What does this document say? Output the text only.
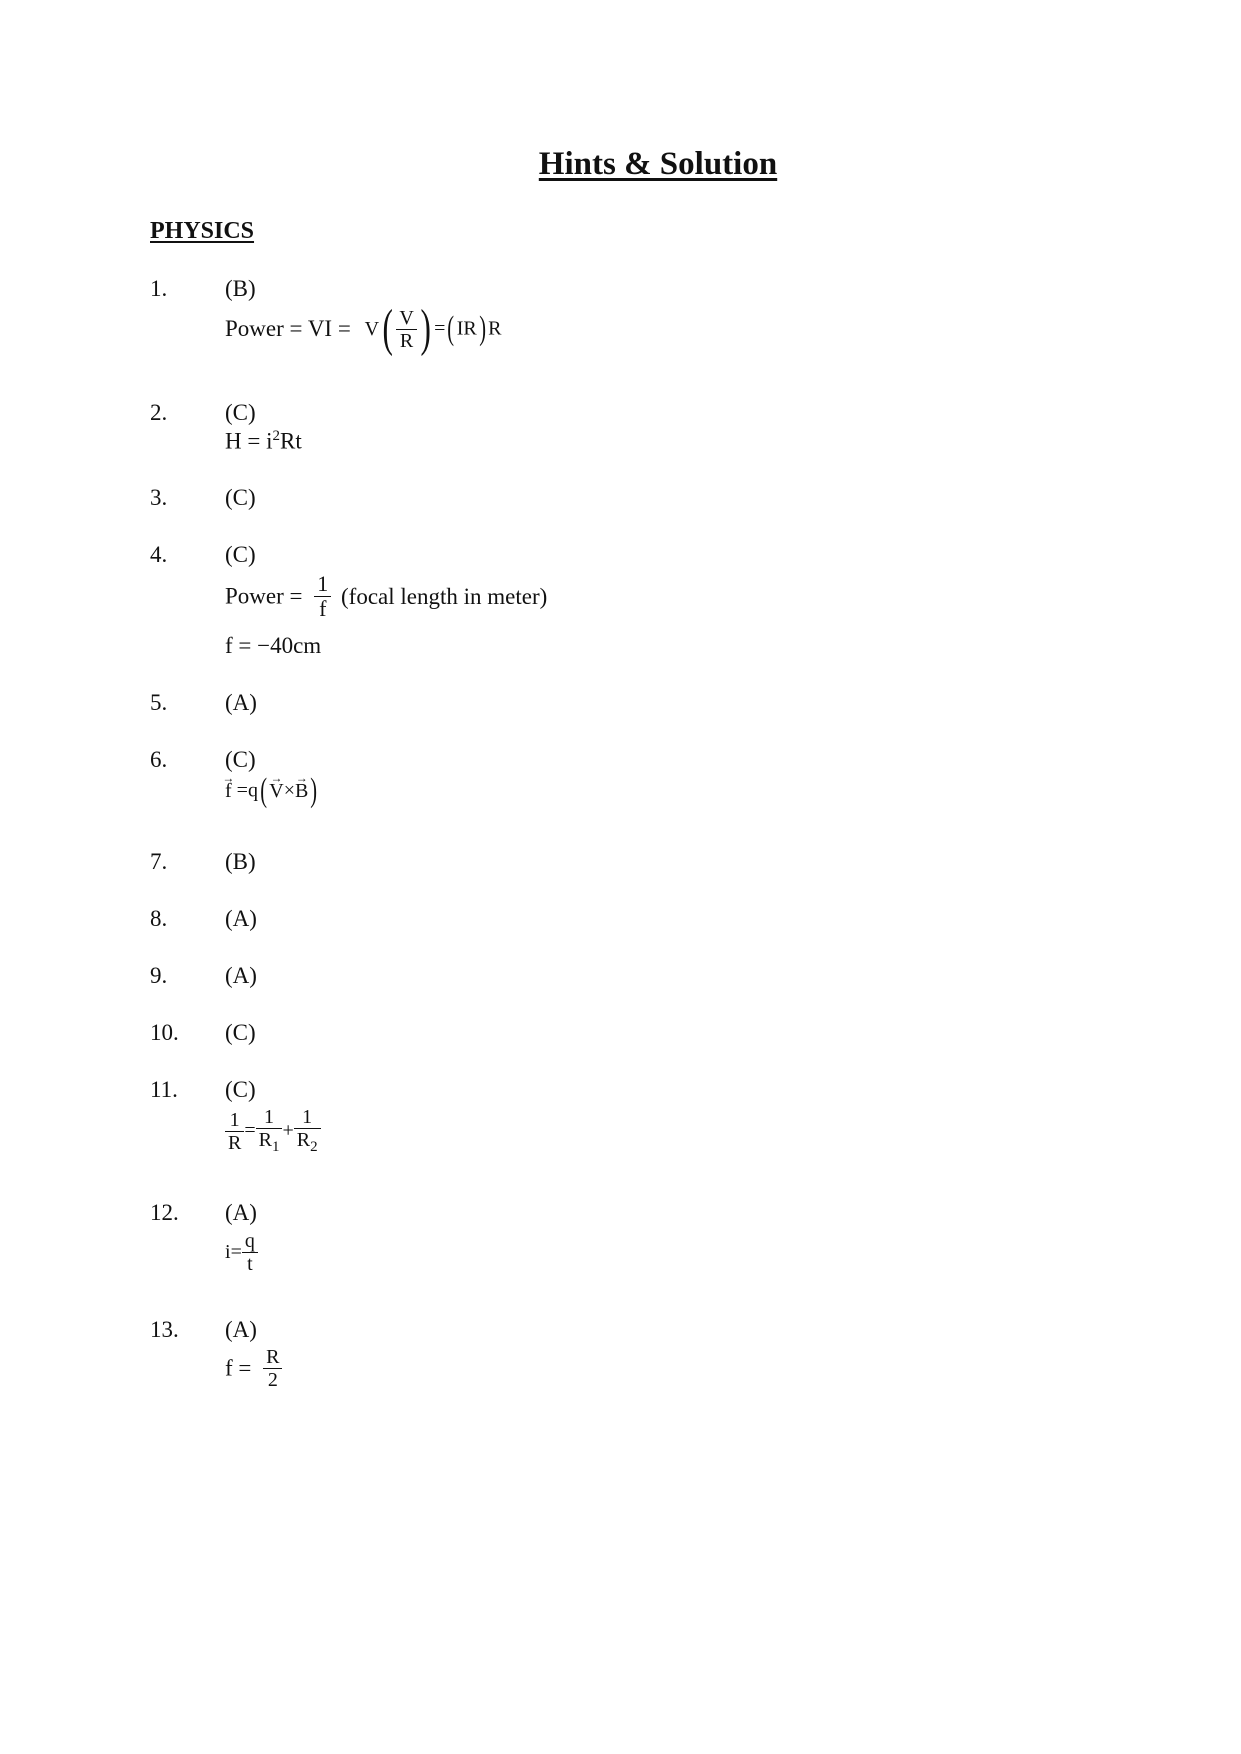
Hints & Solution
PHYSICS
1.	(B)
Power = VI = $V( \frac{V}{R}$ ) =( IR) R
2.	(C)
$H = i^2Rt$
3.	(C)
4.	(C)
Power = $\frac{1}{f}$ (focal length in meter)
f = −40cm
5.	(A)
6.	(C)
→ f =q(→ V×→ B)
7.	(B)
8.	(A)
9.	(A)
10. (C)
11. (C)
$\frac{1}{R} = \frac{1}{R_1} + \frac{1}{R_2}$
12. (A)
$i= \frac{q}{t}$
13. (A)
$f = \frac{R}{2}$
